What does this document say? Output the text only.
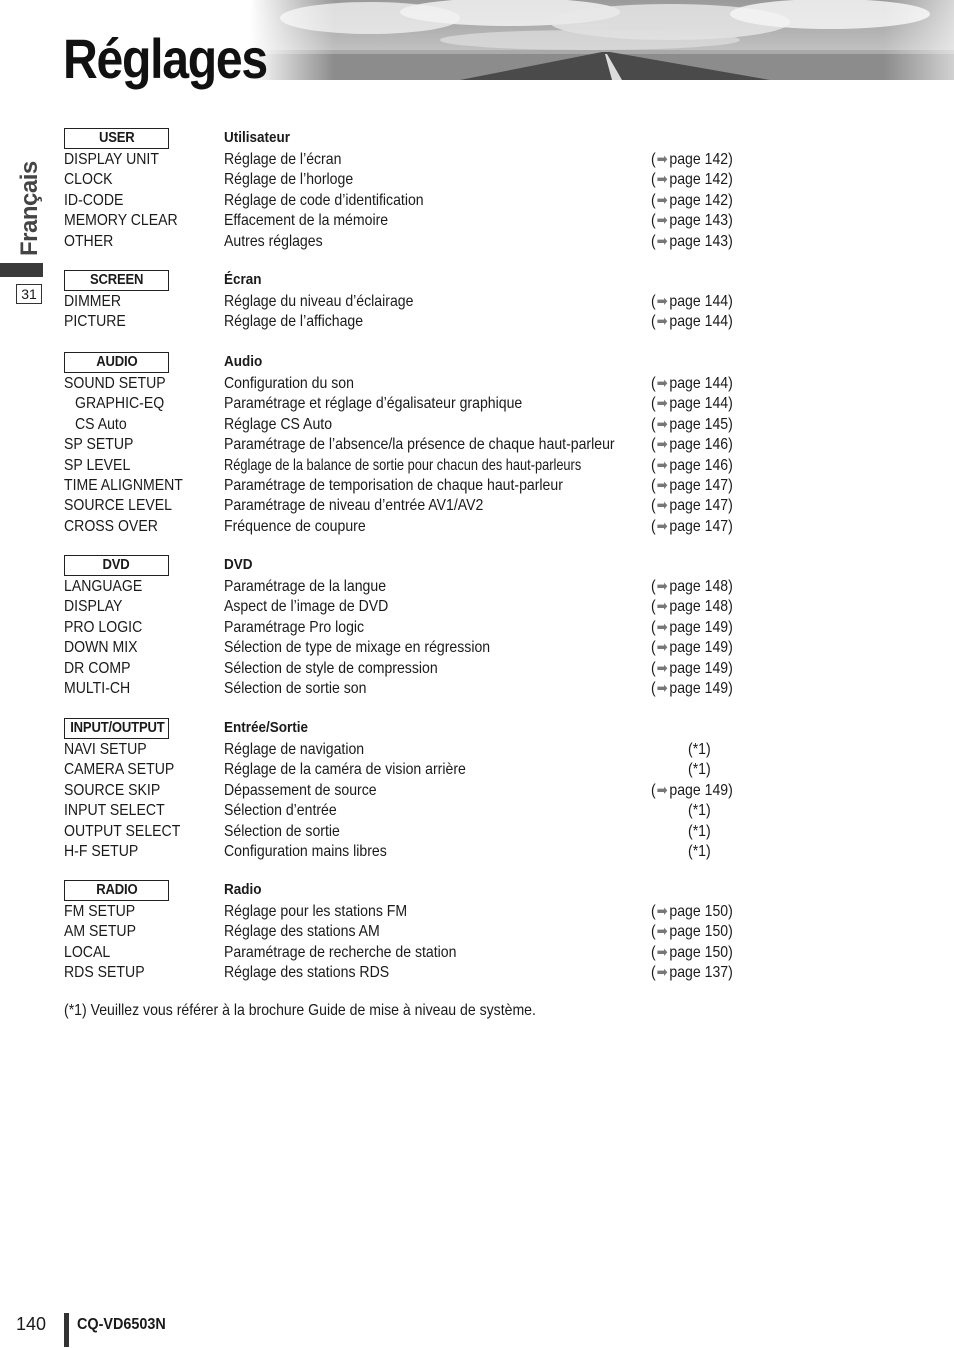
Réglages
Français
31
USER	Utilisateur
DISPLAY UNIT	Réglage de l’écran	(➡ page 142)
CLOCK	Réglage de l’horloge	(➡ page 142)
ID-CODE	Réglage de code d’identification	(➡ page 142)
MEMORY CLEAR	Effacement de la mémoire	(➡ page 143)
OTHER	Autres réglages	(➡ page 143)
SCREEN	Écran
DIMMER	Réglage du niveau d’éclairage	(➡ page 144)
PICTURE	Réglage de l’affichage	(➡ page 144)
AUDIO	Audio
SOUND SETUP	Configuration du son	(➡ page 144)
GRAPHIC-EQ	Paramétrage et réglage d’égalisateur graphique	(➡ page 144)
CS Auto	Réglage CS Auto	(➡ page 145)
SP SETUP	Paramétrage de l’absence/la présence de chaque haut-parleur (➡ page 146)
SP LEVEL	Réglage de la balance de sortie pour chacun des haut-parleurs	(➡ page 146)
TIME ALIGNMENT	Paramétrage de temporisation de chaque haut-parleur	(➡ page 147)
SOURCE LEVEL	Paramétrage de niveau d’entrée AV1/AV2	(➡ page 147)
CROSS OVER	Fréquence de coupure	(➡ page 147)
DVD	DVD
LANGUAGE	Paramétrage de la langue	(➡ page 148)
DISPLAY	Aspect de l’image de DVD	(➡ page 148)
PRO LOGIC	Paramétrage Pro logic	(➡ page 149)
DOWN MIX	Sélection de type de mixage en régression	(➡ page 149)
DR COMP	Sélection de style de compression	(➡ page 149)
MULTI-CH	Sélection de sortie son	(➡ page 149)
INPUT/OUTPUT	Entrée/Sortie
NAVI SETUP	Réglage de navigation	(*1)
CAMERA SETUP	Réglage de la caméra de vision arrière	(*1)
SOURCE SKIP	Dépassement de source	(➡ page 149)
INPUT SELECT	Sélection d’entrée	(*1)
OUTPUT SELECT	Sélection de sortie	(*1)
H-F SETUP	Configuration mains libres	(*1)
RADIO	Radio
FM SETUP	Réglage pour les stations FM	(➡ page 150)
AM SETUP	Réglage des stations AM	(➡ page 150)
LOCAL	Paramétrage de recherche de station	(➡ page 150)
RDS SETUP	Réglage des stations RDS	(➡ page 137)
(*1) Veuillez vous référer à la brochure Guide de mise à niveau de système.
140 CQ-VD6503N
